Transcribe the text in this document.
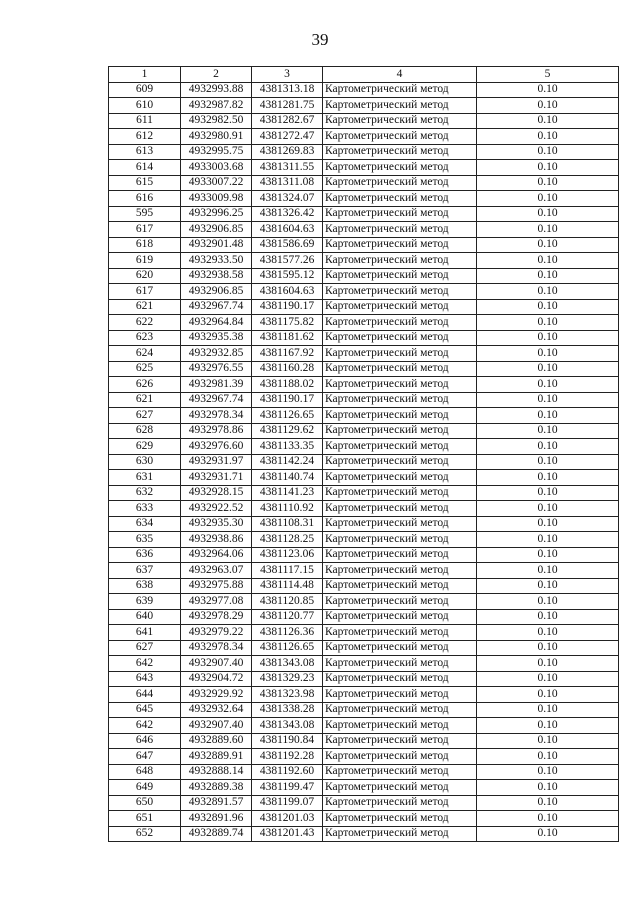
39
1	2	3	4	5
609	4932993.88	4381313.18	Картометрический метод	0.10
610	4932987.82	4381281.75	Картометрический метод	0.10
611	4932982.50	4381282.67	Картометрический метод	0.10
612	4932980.91	4381272.47	Картометрический метод	0.10
613	4932995.75	4381269.83	Картометрический метод	0.10
614	4933003.68	4381311.55	Картометрический метод	0.10
615	4933007.22	4381311.08	Картометрический метод	0.10
616	4933009.98	4381324.07	Картометрический метод	0.10
595	4932996.25	4381326.42	Картометрический метод	0.10
617	4932906.85	4381604.63	Картометрический метод	0.10
618	4932901.48	4381586.69	Картометрический метод	0.10
619	4932933.50	4381577.26	Картометрический метод	0.10
620	4932938.58	4381595.12	Картометрический метод	0.10
617	4932906.85	4381604.63	Картометрический метод	0.10
621	4932967.74	4381190.17	Картометрический метод	0.10
622	4932964.84	4381175.82	Картометрический метод	0.10
623	4932935.38	4381181.62	Картометрический метод	0.10
624	4932932.85	4381167.92	Картометрический метод	0.10
625	4932976.55	4381160.28	Картометрический метод	0.10
626	4932981.39	4381188.02	Картометрический метод	0.10
621	4932967.74	4381190.17	Картометрический метод	0.10
627	4932978.34	4381126.65	Картометрический метод	0.10
628	4932978.86	4381129.62	Картометрический метод	0.10
629	4932976.60	4381133.35	Картометрический метод	0.10
630	4932931.97	4381142.24	Картометрический метод	0.10
631	4932931.71	4381140.74	Картометрический метод	0.10
632	4932928.15	4381141.23	Картометрический метод	0.10
633	4932922.52	4381110.92	Картометрический метод	0.10
634	4932935.30	4381108.31	Картометрический метод	0.10
635	4932938.86	4381128.25	Картометрический метод	0.10
636	4932964.06	4381123.06	Картометрический метод	0.10
637	4932963.07	4381117.15	Картометрический метод	0.10
638	4932975.88	4381114.48	Картометрический метод	0.10
639	4932977.08	4381120.85	Картометрический метод	0.10
640	4932978.29	4381120.77	Картометрический метод	0.10
641	4932979.22	4381126.36	Картометрический метод	0.10
627	4932978.34	4381126.65	Картометрический метод	0.10
642	4932907.40	4381343.08	Картометрический метод	0.10
643	4932904.72	4381329.23	Картометрический метод	0.10
644	4932929.92	4381323.98	Картометрический метод	0.10
645	4932932.64	4381338.28	Картометрический метод	0.10
642	4932907.40	4381343.08	Картометрический метод	0.10
646	4932889.60	4381190.84	Картометрический метод	0.10
647	4932889.91	4381192.28	Картометрический метод	0.10
648	4932888.14	4381192.60	Картометрический метод	0.10
649	4932889.38	4381199.47	Картометрический метод	0.10
650	4932891.57	4381199.07	Картометрический метод	0.10
651	4932891.96	4381201.03	Картометрический метод	0.10
652	4932889.74	4381201.43	Картометрический метод	0.10
